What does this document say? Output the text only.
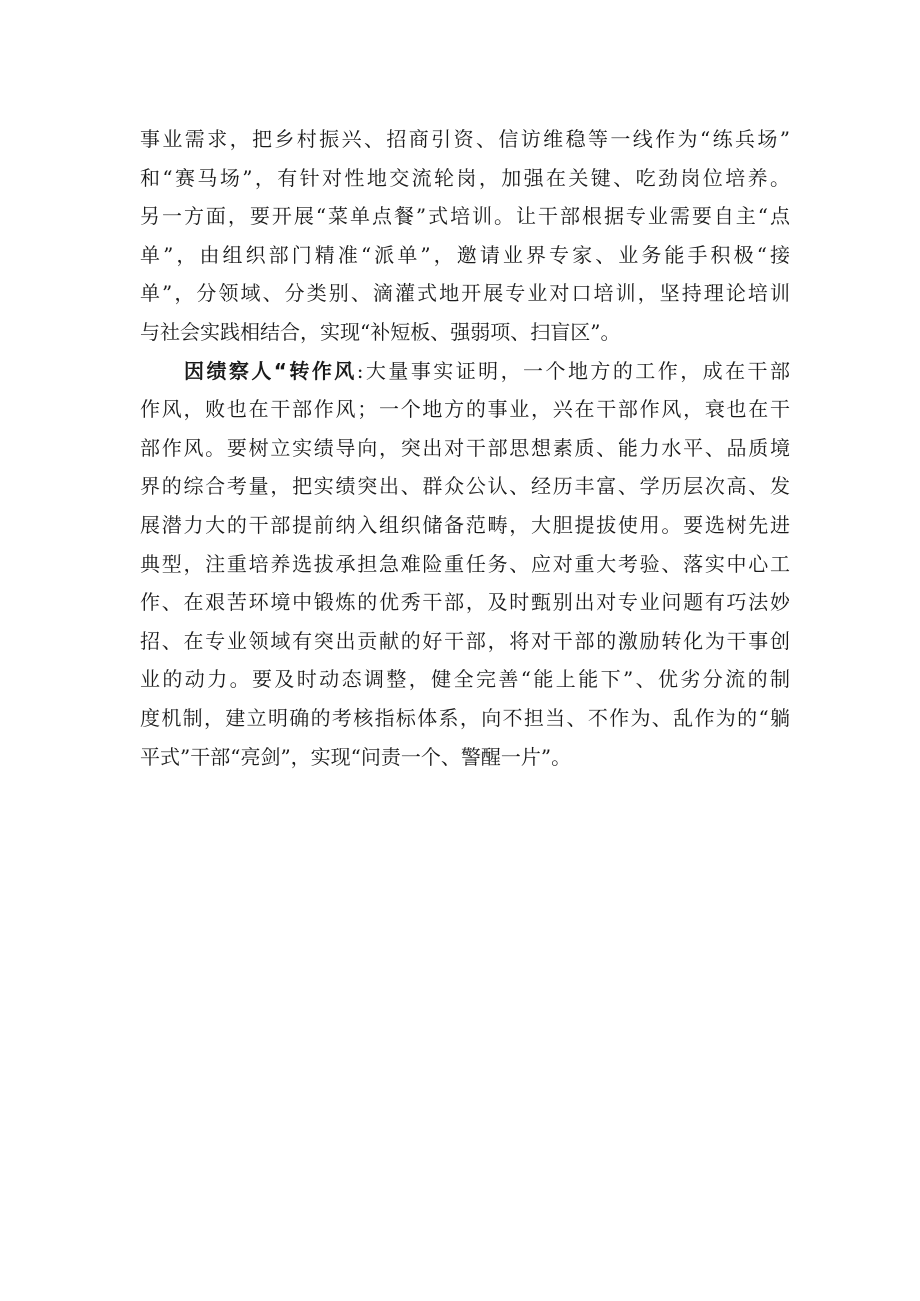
事业需求，把乡村振兴、招商引资、信访维稳等一线作为“练兵场”
和“赛马场”，有针对性地交流轮岗，加强在关键、吃劲岗位培养。
另一方面，要开展“菜单点餐”式培训。让干部根据专业需要自主“点
单”，由组织部门精准“派单”，邀请业界专家、业务能手积极“接
单”，分领域、分类别、滴灌式地开展专业对口培训，坚持理论培训
与社会实践相结合，实现“补短板、强弱项、扫盲区”。
因绩察人“转作风:大量事实证明，一个地方的工作，成在干部
作风，败也在干部作风；一个地方的事业，兴在干部作风，衰也在干
部作风。要树立实绩导向，突出对干部思想素质、能力水平、品质境
界的综合考量，把实绩突出、群众公认、经历丰富、学历层次高、发
展潜力大的干部提前纳入组织储备范畴，大胆提拔使用。要选树先进
典型，注重培养选拔承担急难险重任务、应对重大考验、落实中心工
作、在艰苦环境中锻炼的优秀干部，及时甄别出对专业问题有巧法妙
招、在专业领域有突出贡献的好干部，将对干部的激励转化为干事创
业的动力。要及时动态调整，健全完善“能上能下”、优劣分流的制
度机制，建立明确的考核指标体系，向不担当、不作为、乱作为的“躺
平式”干部“亮剑”，实现“问责一个、警醒一片”。
